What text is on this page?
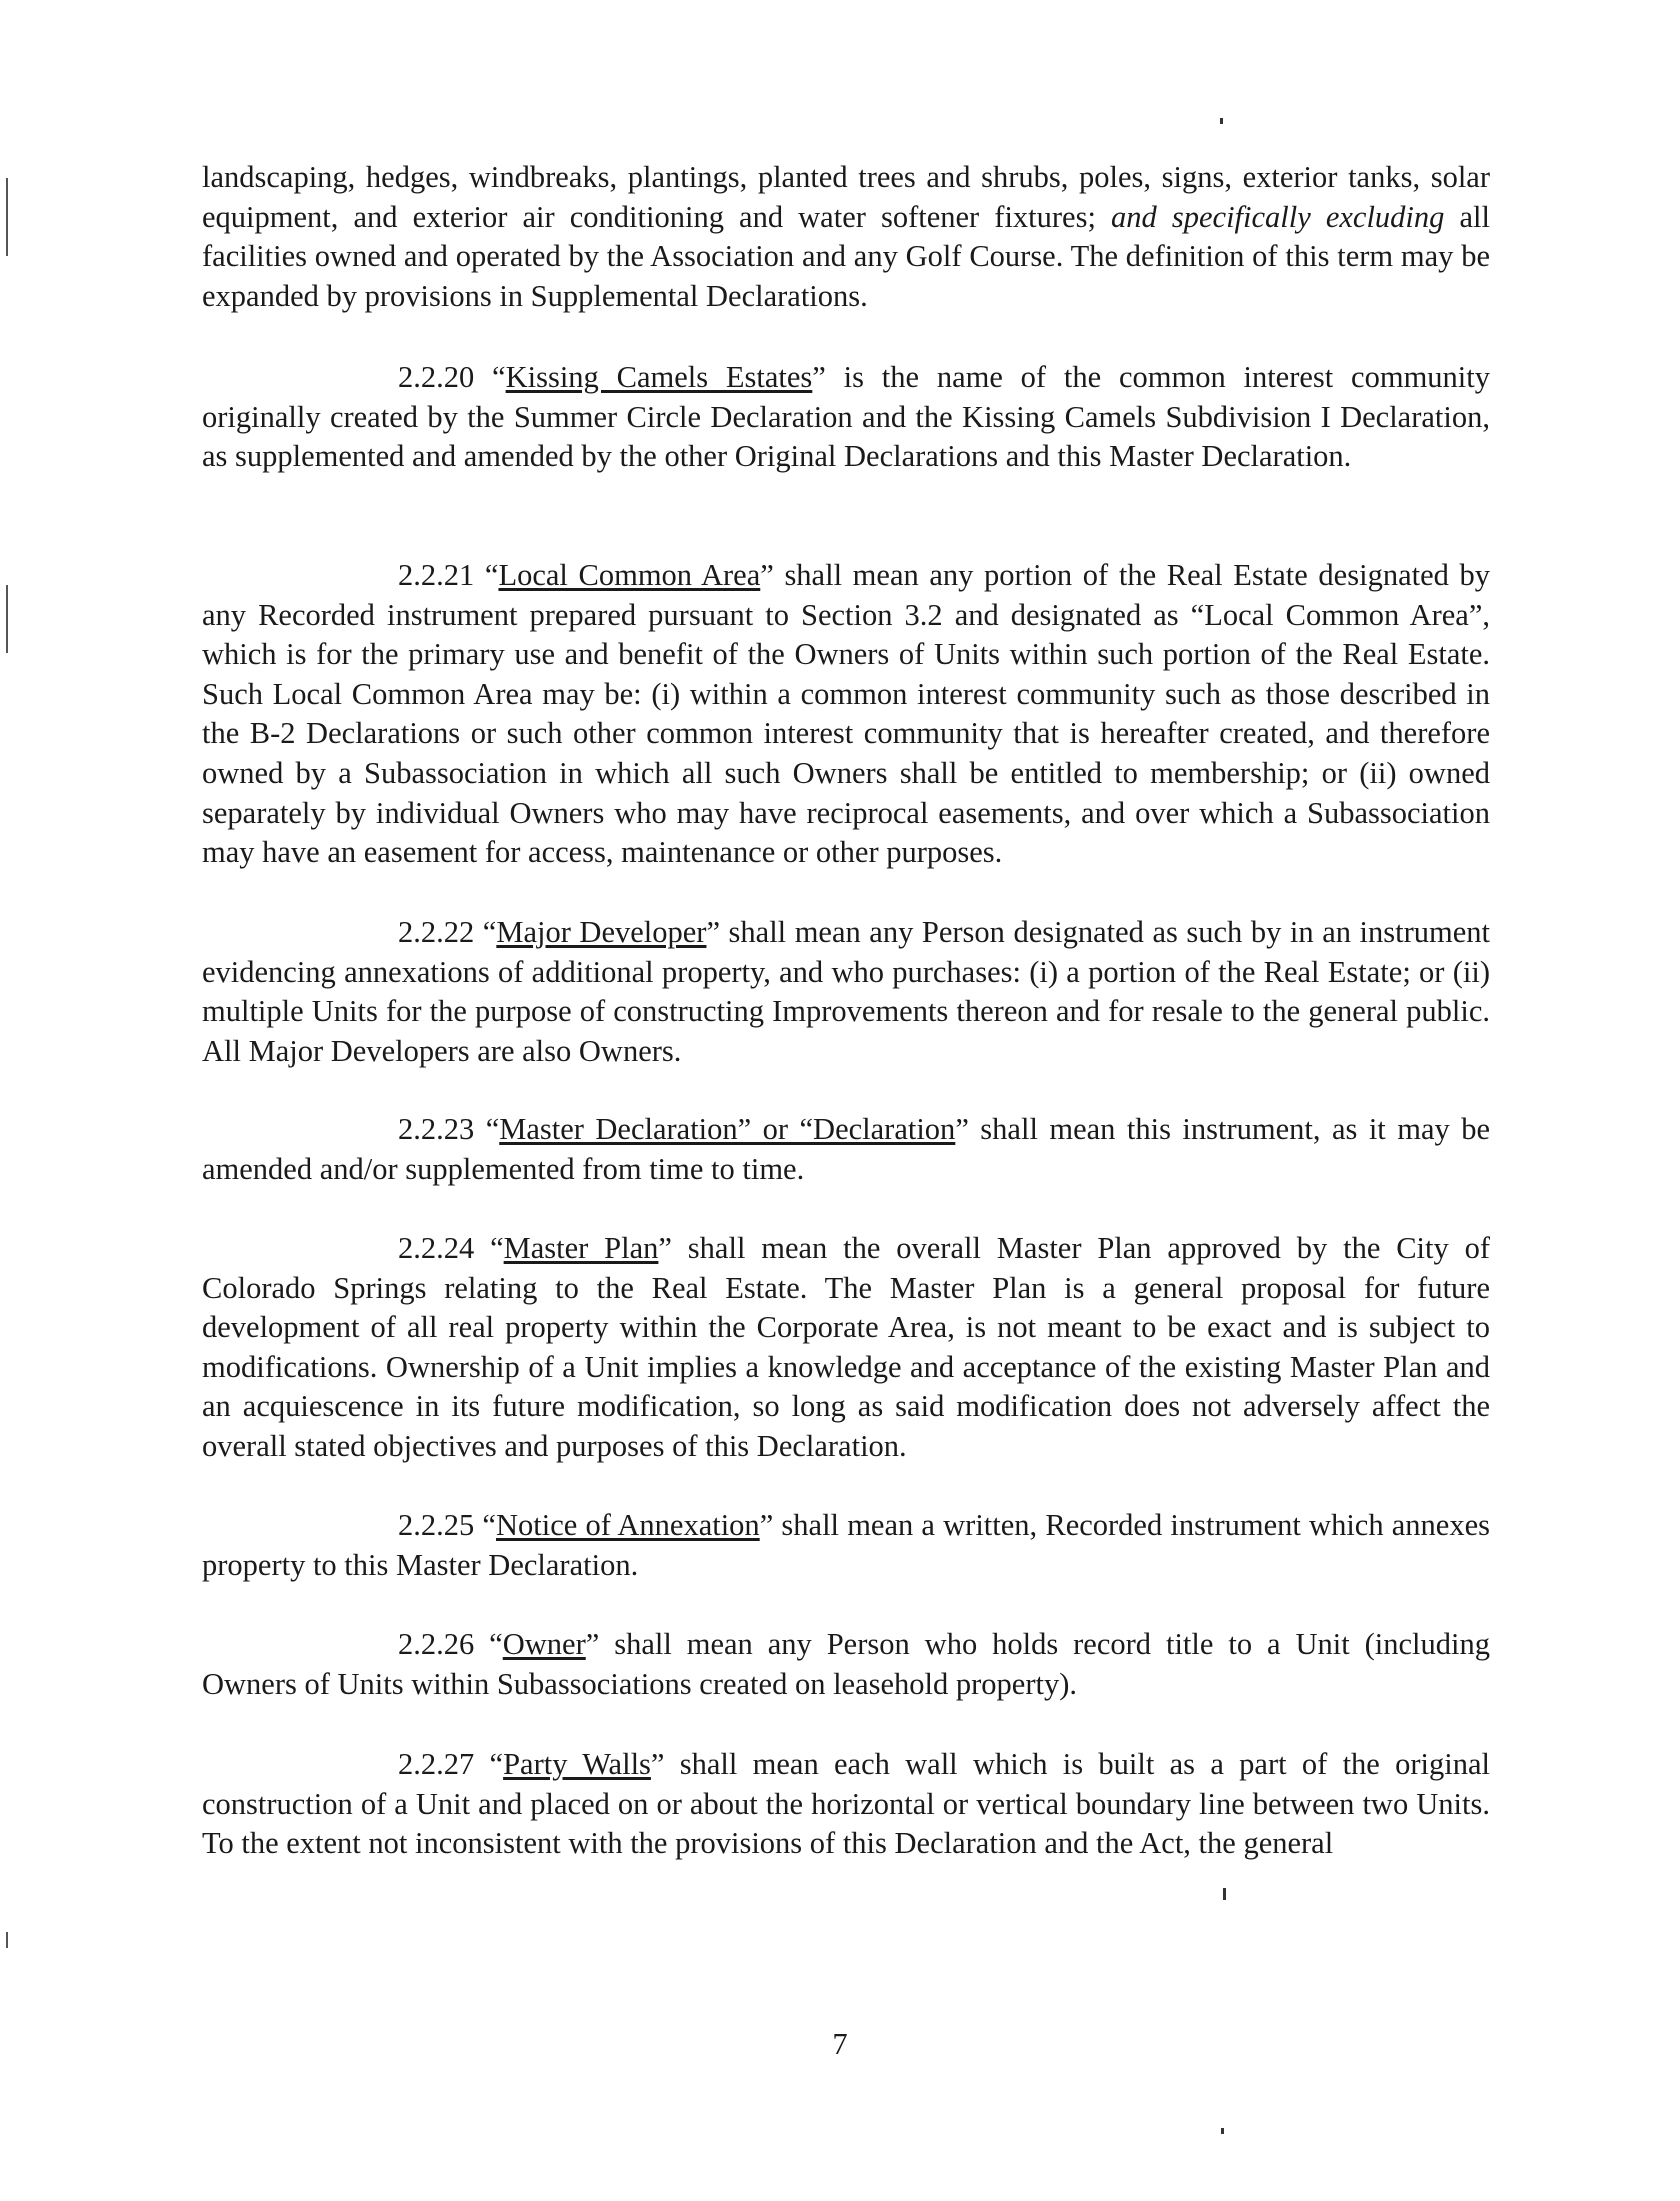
landscaping, hedges, windbreaks, plantings, planted trees and shrubs, poles, signs, exterior tanks, solar equipment, and exterior air conditioning and water softener fixtures; and specifically excluding all facilities owned and operated by the Association and any Golf Course. The definition of this term may be expanded by provisions in Supplemental Declarations.

2.2.20 “Kissing Camels Estates” is the name of the common interest community originally created by the Summer Circle Declaration and the Kissing Camels Subdivision I Declaration, as supplemented and amended by the other Original Declarations and this Master Declaration.

2.2.21 “Local Common Area” shall mean any portion of the Real Estate designated by any Recorded instrument prepared pursuant to Section 3.2 and designated as “Local Common Area”, which is for the primary use and benefit of the Owners of Units within such portion of the Real Estate. Such Local Common Area may be: (i) within a common interest community such as those described in the B-2 Declarations or such other common interest community that is hereafter created, and therefore owned by a Subassociation in which all such Owners shall be entitled to membership; or (ii) owned separately by individual Owners who may have reciprocal easements, and over which a Subassociation may have an easement for access, maintenance or other purposes.

2.2.22 “Major Developer” shall mean any Person designated as such by in an instrument evidencing annexations of additional property, and who purchases: (i) a portion of the Real Estate; or (ii) multiple Units for the purpose of constructing Improvements thereon and for resale to the general public. All Major Developers are also Owners.

2.2.23 “Master Declaration” or “Declaration” shall mean this instrument, as it may be amended and/or supplemented from time to time.

2.2.24 “Master Plan” shall mean the overall Master Plan approved by the City of Colorado Springs relating to the Real Estate. The Master Plan is a general proposal for future development of all real property within the Corporate Area, is not meant to be exact and is subject to modifications. Ownership of a Unit implies a knowledge and acceptance of the existing Master Plan and an acquiescence in its future modification, so long as said modification does not adversely affect the overall stated objectives and purposes of this Declaration.

2.2.25 “Notice of Annexation” shall mean a written, Recorded instrument which annexes property to this Master Declaration.

2.2.26 “Owner” shall mean any Person who holds record title to a Unit (including Owners of Units within Subassociations created on leasehold property).

2.2.27 “Party Walls” shall mean each wall which is built as a part of the original construction of a Unit and placed on or about the horizontal or vertical boundary line between two Units. To the extent not inconsistent with the provisions of this Declaration and the Act, the general

7
